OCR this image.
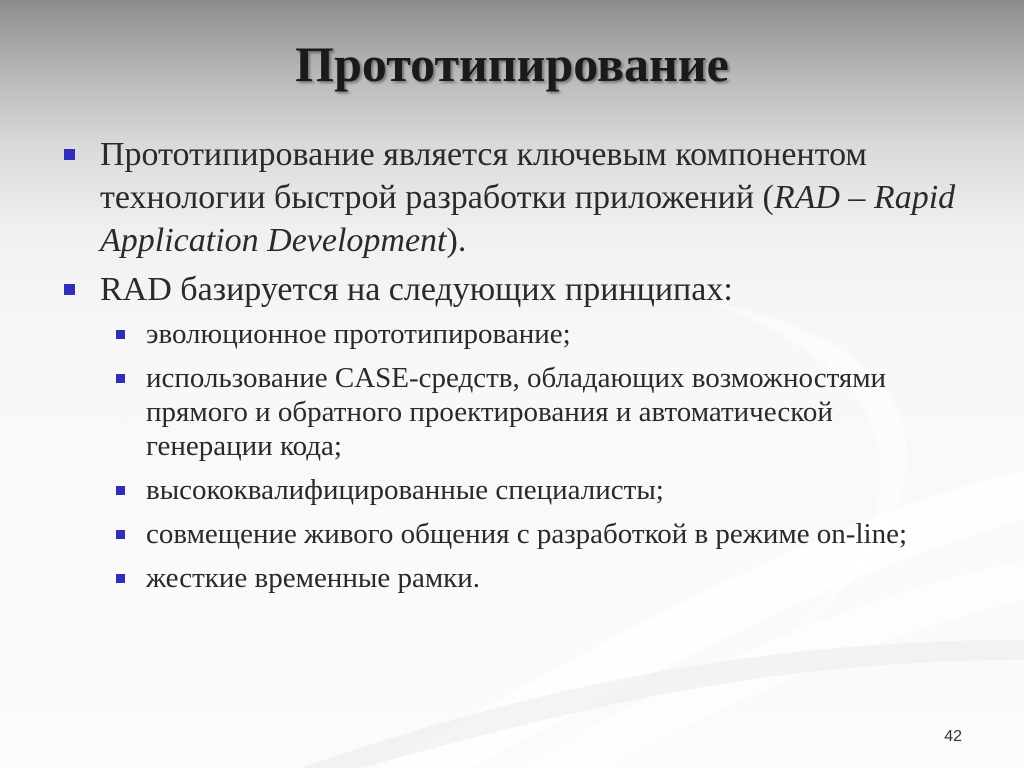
Прототипирование
Прототипирование является ключевым компонентом технологии быстрой разработки приложений (RAD – Rapid Application Development).
RAD базируется на следующих принципах:
эволюционное прототипирование;
использование CASE-средств, обладающих возможностями прямого и обратного проектирования и автоматической генерации кода;
высококвалифицированные специалисты;
совмещение живого общения с разработкой в режиме on-line;
жесткие временные рамки.
42
